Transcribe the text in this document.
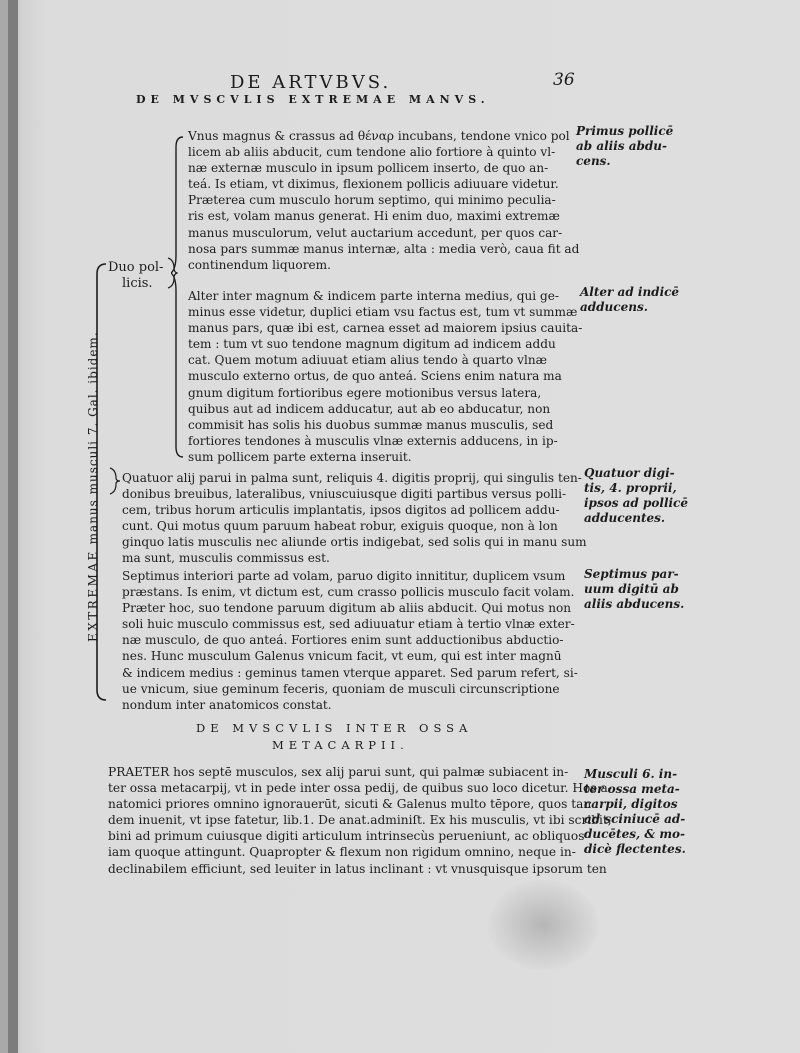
DE ARTVBVS.	36
DE MVSCVLIS EXTREMAE MANVS.
EXTREMAE manus musculi 7. Gal. ibidem.
Duo pol-
licis.
Vnus magnus & crassus ad θέναρ incubans, tendone vnico pol
licem ab aliis abducit, cum tendone alio fortiore à quinto vl-
næ externæ musculo in ipsum pollicem inserto, de quo an-
teá. Is etiam, vt diximus, flexionem pollicis adiuuare videtur.
Præterea cum musculo horum septimo, qui minimo peculia-
ris est, volam manus generat. Hi enim duo, maximi extremæ
manus musculorum, velut auctarium accedunt, per quos car-
nosa pars summæ manus internæ, alta : media verò, caua fit ad
continendum liquorem.
Alter inter magnum & indicem parte interna medius, qui ge-
minus esse videtur, duplici etiam vsu factus est, tum vt summæ
manus pars, quæ ibi est, carnea esset ad maiorem ipsius cauita-
tem : tum vt suo tendone magnum digitum ad indicem addu
cat. Quem motum adiuuat etiam alius tendo à quarto vlnæ
musculo externo ortus, de quo anteá. Sciens enim natura ma
gnum digitum fortioribus egere motionibus versus latera,
quibus aut ad indicem adducatur, aut ab eo abducatur, non
commisit has solis his duobus summæ manus musculis, sed
fortiores tendones à musculis vlnæ externis adducens, in ip-
sum pollicem parte externa inseruit.
Quatuor alij parui in palma sunt, reliquis 4. digitis proprij, qui singulis ten-
donibus breuibus, lateralibus, vniuscuiusque digiti partibus versus polli-
cem, tribus horum articulis implantatis, ipsos digitos ad pollicem addu-
cunt. Qui motus quum paruum habeat robur, exiguis quoque, non à lon
ginquo latis musculis nec aliunde ortis indigebat, sed solis qui in manu sum
ma sunt, musculis commissus est.
Septimus interiori parte ad volam, paruo digito innititur, duplicem vsum
præstans. Is enim, vt dictum est, cum crasso pollicis musculo facit volam.
Præter hoc, suo tendone paruum digitum ab aliis abducit. Qui motus non
soli huic musculo commissus est, sed adiuuatur etiam à tertio vlnæ exter-
næ musculo, de quo anteá. Fortiores enim sunt adductionibus abductio-
nes. Hunc musculum Galenus vnicum facit, vt eum, qui est inter magnū
& indicem medius : geminus tamen vterque apparet. Sed parum refert, si-
ue vnicum, siue geminum feceris, quoniam de musculi circunscriptione
nondum inter anatomicos constat.
DE MVSCVLIS INTER OSSA
METACARPII.
PRAETER hos septē musculos, sex alij parui sunt, qui palmæ subiacent in-
ter ossa metacarpij, vt in pede inter ossa pedij, de quibus suo loco dicetur. Hos a-
natomici priores omnino ignorauerūt, sicuti & Galenus multo tēpore, quos tan
dem inuenit, vt ipse fatetur, lib.1. De anat.adminiſt. Ex his musculis, vt ibi scribit,
bini ad primum cuiusque digiti articulum intrinsecùs perueniunt, ac obliquos
iam quoque attingunt. Quapropter & flexum non rigidum omnino, neque in-
declinabilem efficiunt, sed leuiter in latus inclinant : vt vnusquisque ipsorum ten
Primus pollicē
ab aliis abdu-
cens.
Alter ad indicē
adducens.
Quatuor digi-
tis, 4. proprii,
ipsos ad pollicē
adducentes.
Septimus par-
uum digitū ab
aliis abducens.
Musculi 6. in-
ter ossa meta-
carpii, digitos
ad sciniucē ad-
ducētes, & mo-
dicè flectentes.
